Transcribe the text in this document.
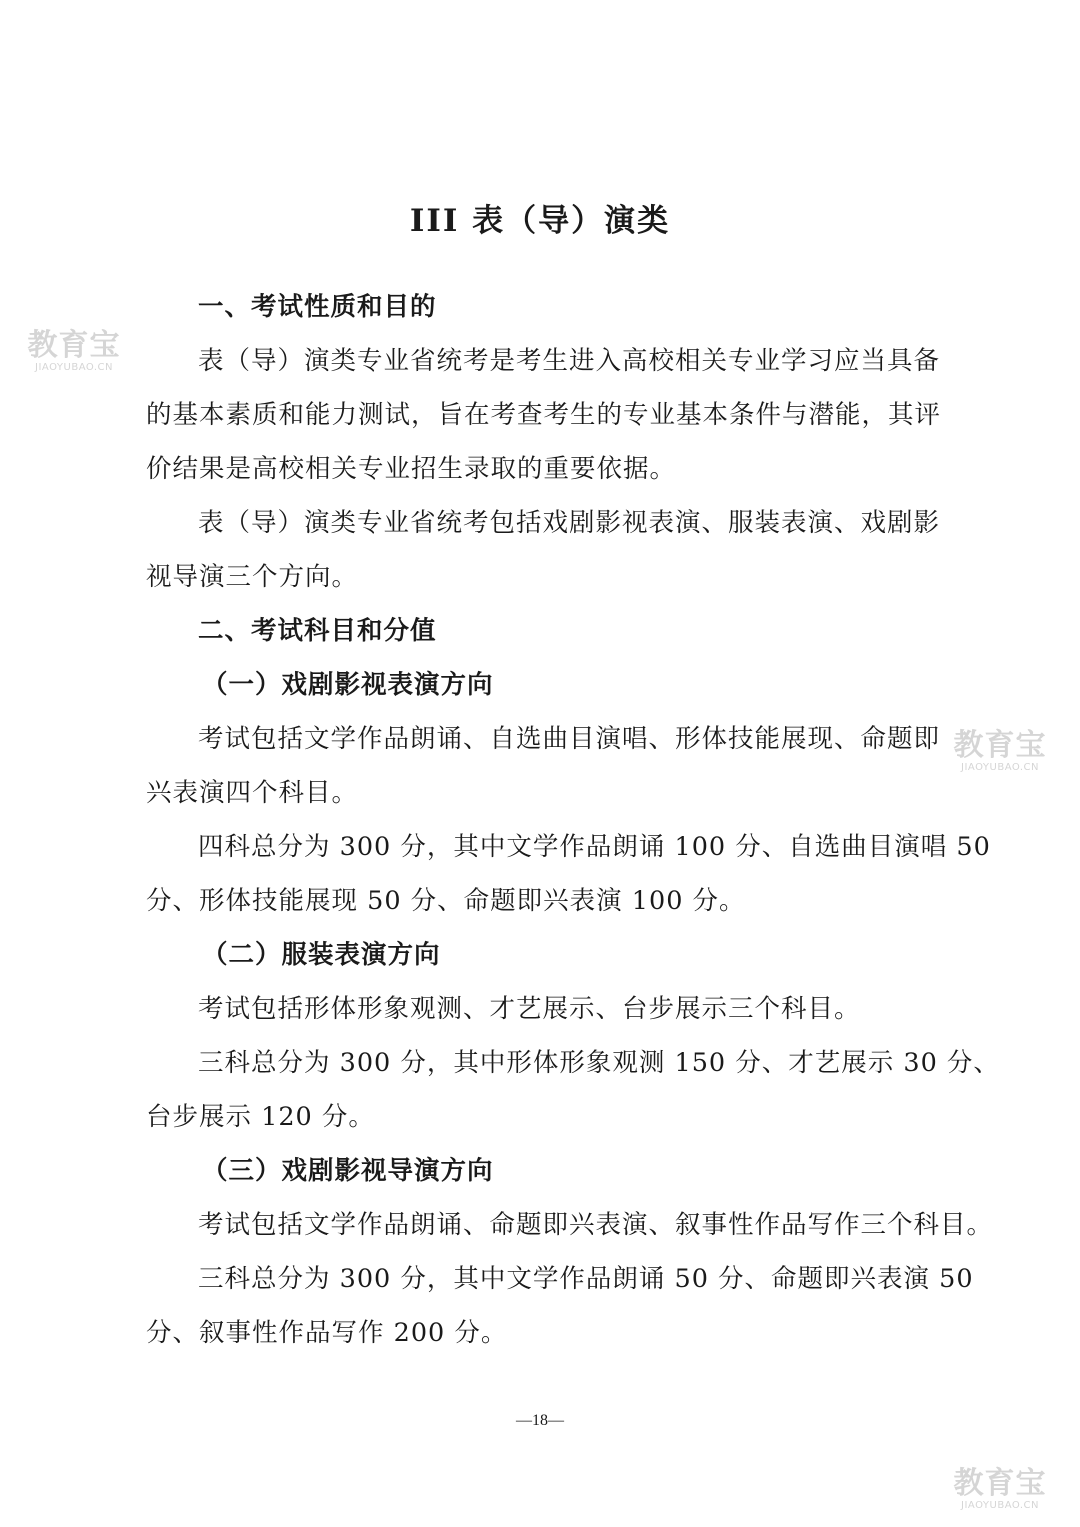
III 表（导）演类
一、考试性质和目的
表（导）演类专业省统考是考生进入高校相关专业学习应当具备
的基本素质和能力测试，旨在考查考生的专业基本条件与潜能，其评
价结果是高校相关专业招生录取的重要依据。
表（导）演类专业省统考包括戏剧影视表演、服装表演、戏剧影
视导演三个方向。
二、考试科目和分值
（一）戏剧影视表演方向
考试包括文学作品朗诵、自选曲目演唱、形体技能展现、命题即
兴表演四个科目。
四科总分为 300 分，其中文学作品朗诵 100 分、自选曲目演唱 50
分、形体技能展现 50 分、命题即兴表演 100 分。
（二）服装表演方向
考试包括形体形象观测、才艺展示、台步展示三个科目。
三科总分为 300 分，其中形体形象观测 150 分、才艺展示 30 分、
台步展示 120 分。
（三）戏剧影视导演方向
考试包括文学作品朗诵、命题即兴表演、叙事性作品写作三个科目。
三科总分为 300 分，其中文学作品朗诵 50 分、命题即兴表演 50
分、叙事性作品写作 200 分。
—18—
教育宝
JIAOYUBAO.CN
教育宝
JIAOYUBAO.CN
教育宝
JIAOYUBAO.CN
